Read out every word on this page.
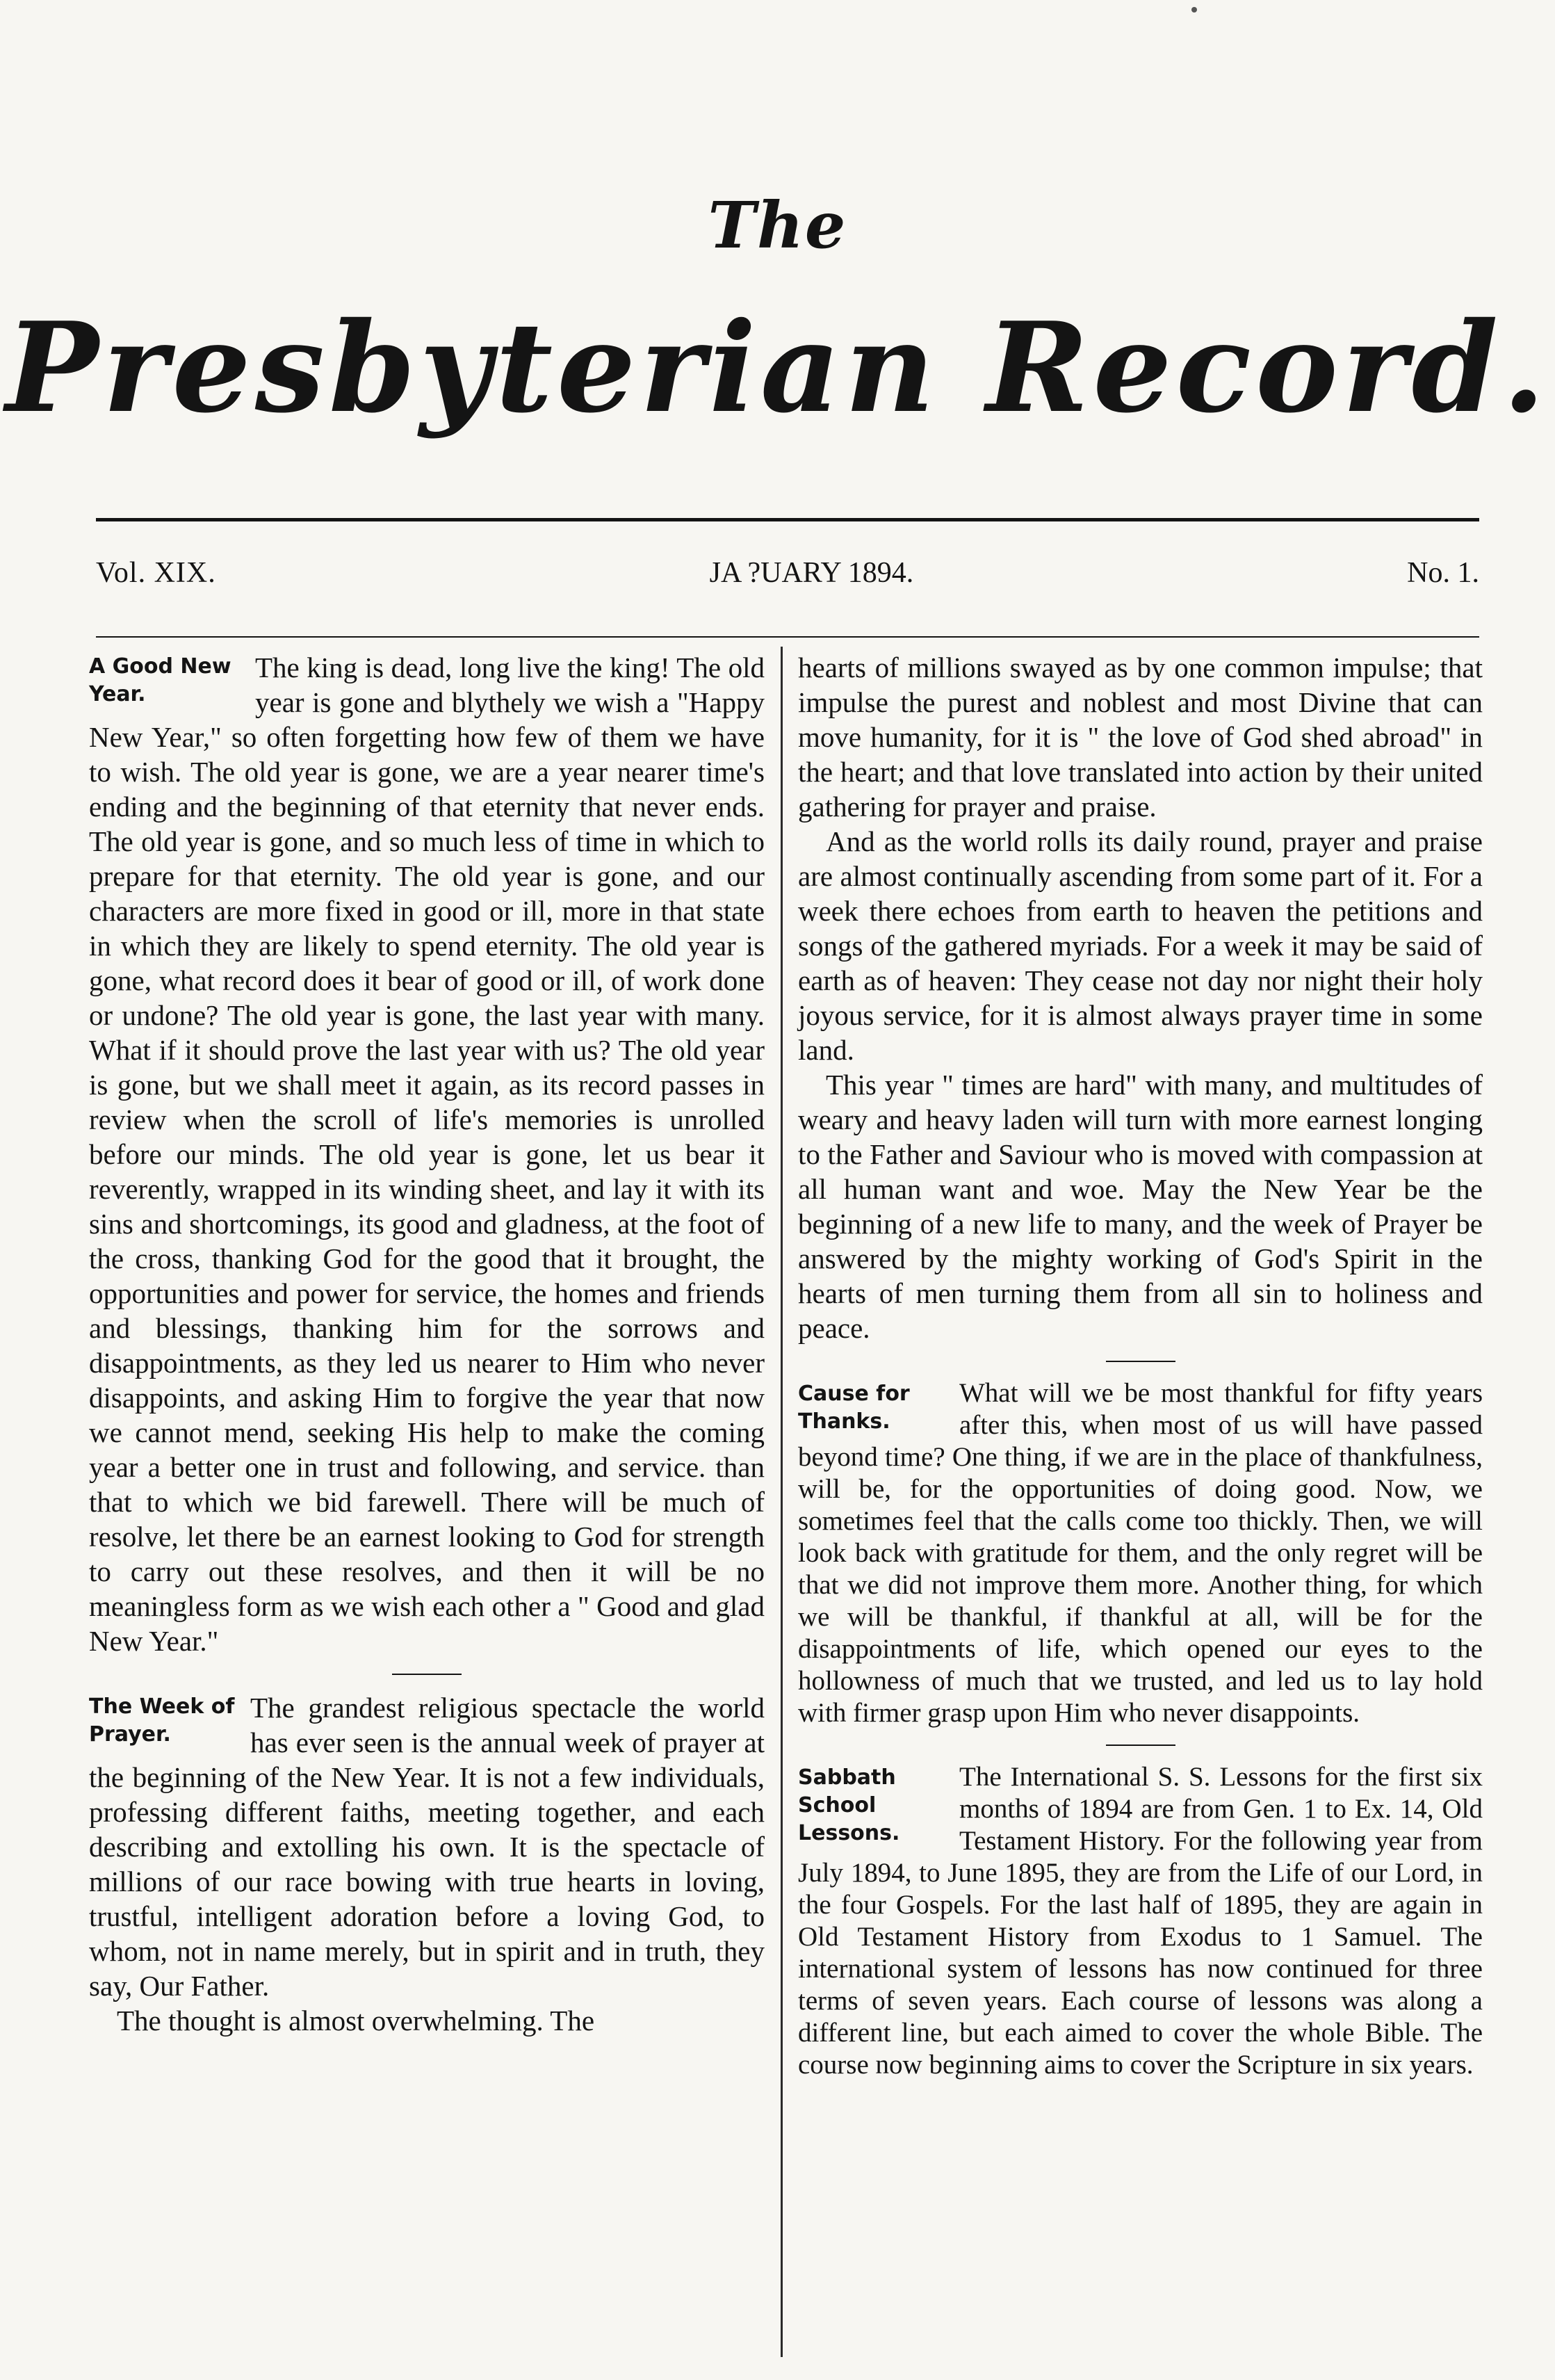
The
Presbyterian Record.
Vol. XIX.	JA ?UARY 1894.	No. 1.
A Good New Year.

The king is dead, long live the king! The old year is gone and blythely we wish a "Happy New Year," so often forgetting how few of them we have to wish. The old year is gone, we are a year nearer time's ending and the beginning of that eternity that never ends. The old year is gone, and so much less of time in which to prepare for that eternity. The old year is gone, and our characters are more fixed in good or ill, more in that state in which they are likely to spend eternity. The old year is gone, what record does it bear of good or ill, of work done or undone? The old year is gone, the last year with many. What if it should prove the last year with us? The old year is gone, but we shall meet it again, as its record passes in review when the scroll of life's memories is unrolled before our minds. The old year is gone, let us bear it reverently, wrapped in its winding sheet, and lay it with its sins and shortcomings, its good and gladness, at the foot of the cross, thanking God for the good that it brought, the opportunities and power for service, the homes and friends and blessings, thanking him for the sorrows and disappointments, as they led us nearer to Him who never disappoints, and asking Him to forgive the year that now we cannot mend, seeking His help to make the coming year a better one in trust and following, and service. than that to which we bid farewell. There will be much of resolve, let there be an earnest looking to God for strength to carry out these resolves, and then it will be no meaningless form as we wish each other a " Good and glad New Year."

The Week of Prayer.

The grandest religious spectacle the world has ever seen is the annual week of prayer at the beginning of the New Year. It is not a few individuals, professing different faiths, meeting together, and each describing and extolling his own. It is the spectacle of millions of our race bowing with true hearts in loving, trustful, intelligent adoration before a loving God, to whom, not in name merely, but in spirit and in truth, they say, Our Father.

The thought is almost overwhelming. The

hearts of millions swayed as by one common impulse; that impulse the purest and noblest and most Divine that can move humanity, for it is " the love of God shed abroad" in the heart; and that love translated into action by their united gathering for prayer and praise.

And as the world rolls its daily round, prayer and praise are almost continually ascending from some part of it. For a week there echoes from earth to heaven the petitions and songs of the gathered myriads. For a week it may be said of earth as of heaven: They cease not day nor night their holy joyous service, for it is almost always prayer time in some land.

This year " times are hard" with many, and multitudes of weary and heavy laden will turn with more earnest longing to the Father and Saviour who is moved with compassion at all human want and woe. May the New Year be the beginning of a new life to many, and the week of Prayer be answered by the mighty working of God's Spirit in the hearts of men turning them from all sin to holiness and peace.

Cause for Thanks.

What will we be most thankful for fifty years after this, when most of us will have passed beyond time? One thing, if we are in the place of thankfulness, will be, for the opportunities of doing good. Now, we sometimes feel that the calls come too thickly. Then, we will look back with gratitude for them, and the only regret will be that we did not improve them more. Another thing, for which we will be thankful, if thankful at all, will be for the disappointments of life, which opened our eyes to the hollowness of much that we trusted, and led us to lay hold with firmer grasp upon Him who never disappoints.

Sabbath School Lessons.

The International S. S. Lessons for the first six months of 1894 are from Gen. 1 to Ex. 14, Old Testament History. For the following year from July 1894, to June 1895, they are from the Life of our Lord, in the four Gospels. For the last half of 1895, they are again in Old Testament History from Exodus to 1 Samuel. The international system of lessons has now continued for three terms of seven years. Each course of lessons was along a different line, but each aimed to cover the whole Bible. The course now beginning aims to cover the Scripture in six years.
